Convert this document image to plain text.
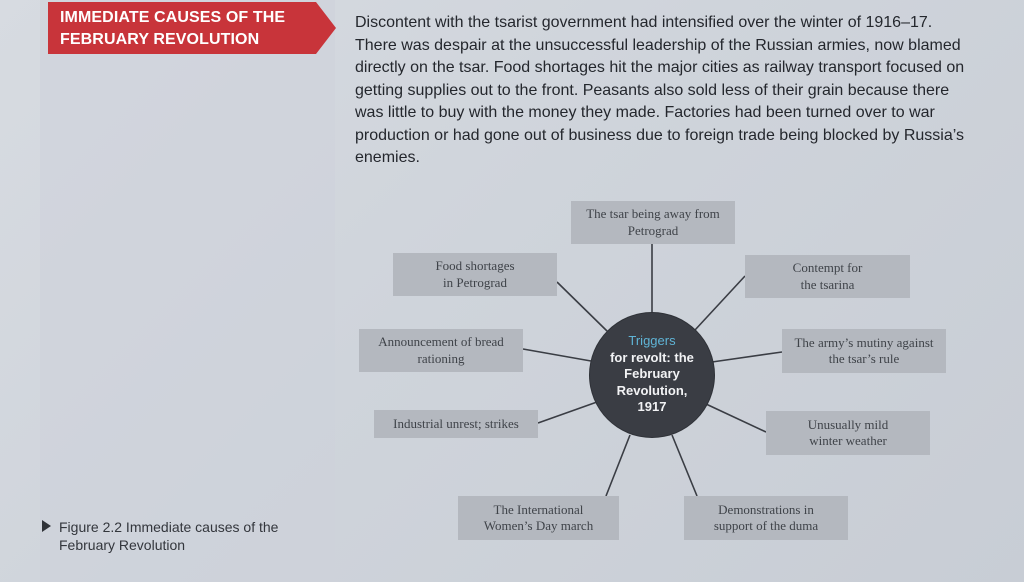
IMMEDIATE CAUSES OF THE
FEBRUARY REVOLUTION
Discontent with the tsarist government had intensified over the winter of 1916–17. There was despair at the unsuccessful leadership of the Russian armies, now blamed directly on the tsar. Food shortages hit the major cities as railway transport focused on getting supplies out to the front. Peasants also sold less of their grain because there was little to buy with the money they made. Factories had been turned over to war production or had gone out of business due to foreign trade being blocked by Russia’s enemies.
The tsar being away from
Petrograd
Contempt for
the tsarina
The army’s mutiny against
the tsar’s rule
Unusually mild
winter weather
Demonstrations in
support of the duma
The International
Women’s Day march
Industrial unrest; strikes
Announcement of bread
rationing
Food shortages
in Petrograd
Triggers
for revolt: the
February
Revolution,
1917
Figure 2.2 Immediate causes of the February Revolution
